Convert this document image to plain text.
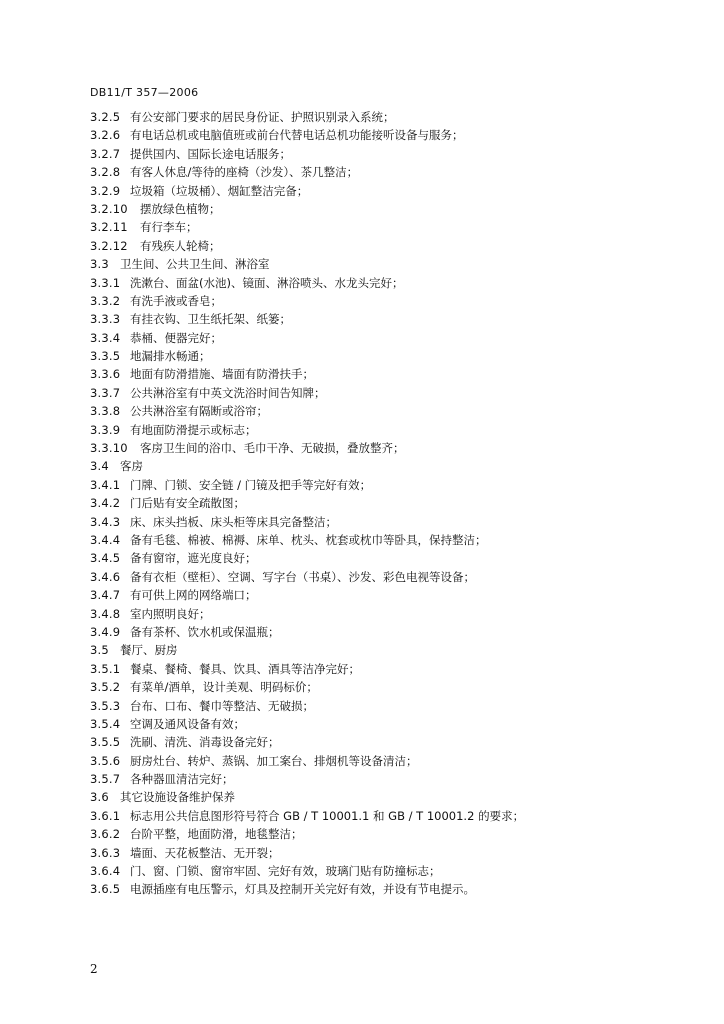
DB11/T 357—2006
3.2.5 有公安部门要求的居民身份证、护照识别录入系统；
3.2.6 有电话总机或电脑值班或前台代替电话总机功能接听设备与服务；
3.2.7 提供国内、国际长途电话服务；
3.2.8 有客人休息/等待的座椅（沙发）、茶几整洁；
3.2.9 垃圾箱（垃圾桶）、烟缸整洁完备；
3.2.10	摆放绿色植物；
3.2.11	有行李车；
3.2.12	有残疾人轮椅；
3.3 卫生间、公共卫生间、淋浴室
3.3.1 洗漱台、面盆(水池)、镜面、淋浴喷头、水龙头完好；
3.3.2 有洗手液或香皂；
3.3.3 有挂衣钩、卫生纸托架、纸篓；
3.3.4 恭桶、便器完好；
3.3.5 地漏排水畅通；
3.3.6 地面有防滑措施、墙面有防滑扶手；
3.3.7 公共淋浴室有中英文洗浴时间告知牌；
3.3.8 公共淋浴室有隔断或浴帘；
3.3.9 有地面防滑提示或标志；
3.3.10	客房卫生间的浴巾、毛巾干净、无破损，叠放整齐；
3.4 客房
3.4.1 门牌、门锁、安全链 / 门镜及把手等完好有效；
3.4.2 门后贴有安全疏散图；
3.4.3 床、床头挡板、床头柜等床具完备整洁；
3.4.4 备有毛毯、棉被、棉褥、床单、枕头、枕套或枕巾等卧具，保持整洁；
3.4.5 备有窗帘，遮光度良好；
3.4.6 备有衣柜（壁柜）、空调、写字台（书桌）、沙发、彩色电视等设备；
3.4.7 有可供上网的网络端口；
3.4.8 室内照明良好；
3.4.9 备有茶杯、饮水机或保温瓶；
3.5 餐厅、厨房
3.5.1 餐桌、餐椅、餐具、饮具、酒具等洁净完好；
3.5.2 有菜单/酒单，设计美观、明码标价；
3.5.3 台布、口布、餐巾等整洁、无破损；
3.5.4 空调及通风设备有效；
3.5.5 洗刷、清洗、消毒设备完好；
3.5.6 厨房灶台、转炉、蒸锅、加工案台、排烟机等设备清洁；
3.5.7 各种器皿清洁完好；
3.6 其它设施设备维护保养
3.6.1 标志用公共信息图形符号符合 GB / T 10001.1 和 GB / T 10001.2 的要求；
3.6.2 台阶平整，地面防滑，地毯整洁；
3.6.3 墙面、天花板整洁、无开裂；
3.6.4 门、窗、门锁、窗帘牢固、完好有效，玻璃门贴有防撞标志；
3.6.5 电源插座有电压警示，灯具及控制开关完好有效，并设有节电提示。
2
